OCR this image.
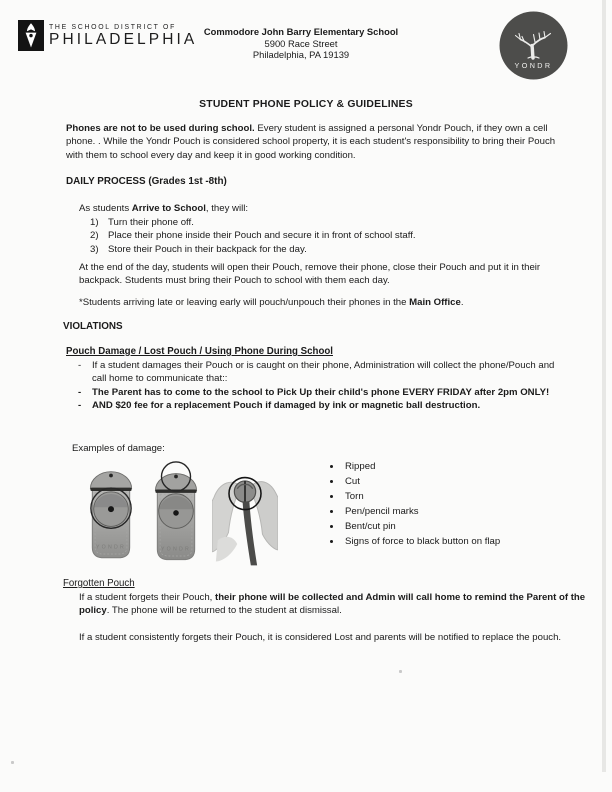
THE SCHOOL DISTRICT OF
PHILADELPHIA Commodore John Barry Elementary School
5900 Race Street
Philadelphia, PA 19139
YONDR
STUDENT PHONE POLICY & GUIDELINES

Phones are not to be used during school. Every student is assigned a personal Yondr Pouch, if they own a cell phone. . While the Yondr Pouch is considered school property, it is each student's responsibility to bring their Pouch with them to school every day and keep it in good working condition.

DAILY PROCESS (Grades 1st -8th)
As students Arrive to School, they will:
1) Turn their phone off.
2) Place their phone inside their Pouch and secure it in front of school staff.
3) Store their Pouch in their backpack for the day.

At the end of the day, students will open their Pouch, remove their phone, close their Pouch and put it in their backpack. Students must bring their Pouch to school with them each day.

*Students arriving late or leaving early will pouch/unpouch their phones in the Main Office.
VIOLATIONS
Pouch Damage / Lost Pouch / Using Phone During School
- If a student damages their Pouch or is caught on their phone, Administration will collect the phone/Pouch and call home to communicate that::
- The Parent has to come to the school to Pick Up their child's phone EVERY FRIDAY after 2pm ONLY!
- AND $20 fee for a replacement Pouch if damaged by ink or magnetic ball destruction.
Examples of damage:
YONDR	YONDR
• Ripped
• Cut
• Torn
• Pen/pencil marks
• Bent/cut pin
• Signs of force to black button on flap
Forgotten Pouch

If a student forgets their Pouch, their phone will be collected and Admin will call home to remind the Parent of the policy. The phone will be returned to the student at dismissal.

If a student consistently forgets their Pouch, it is considered Lost and parents will be notified to replace the pouch.
